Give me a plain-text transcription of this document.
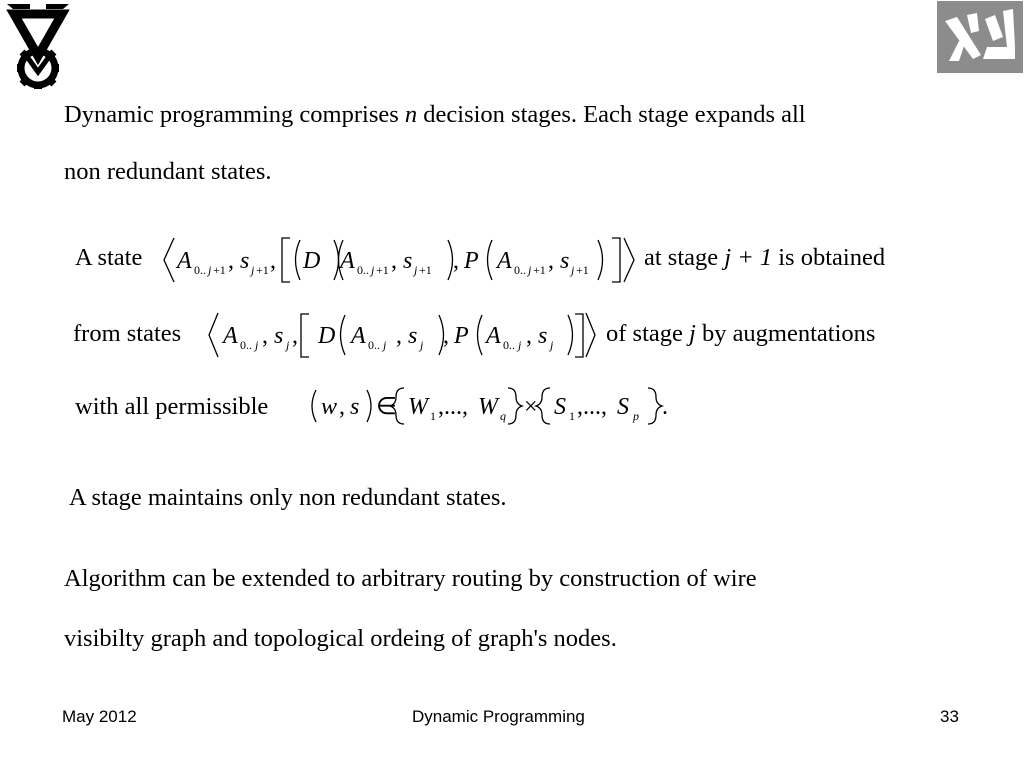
Dynamic programming comprises n decision stages. Each stage expands all
non redundant states.
A state	at stage j + 1 is obtained
from states	of stage j by augmentations
with all permissible
A 0.. j +1 , s j +1 , D A 0.. j +1 , s j +1 , P A 0.. j +1 , s j +1
A 0.. j , s j , D A 0.. j , s j , P A 0.. j , s j
w , s ∈ W 1 ,..., W q × S 1 ,..., S p .
A stage maintains only non redundant states.
Algorithm can be extended to arbitrary routing by construction of wire
visibilty graph and topological ordeing of graph's nodes.
May 2012	Dynamic Programming	33
